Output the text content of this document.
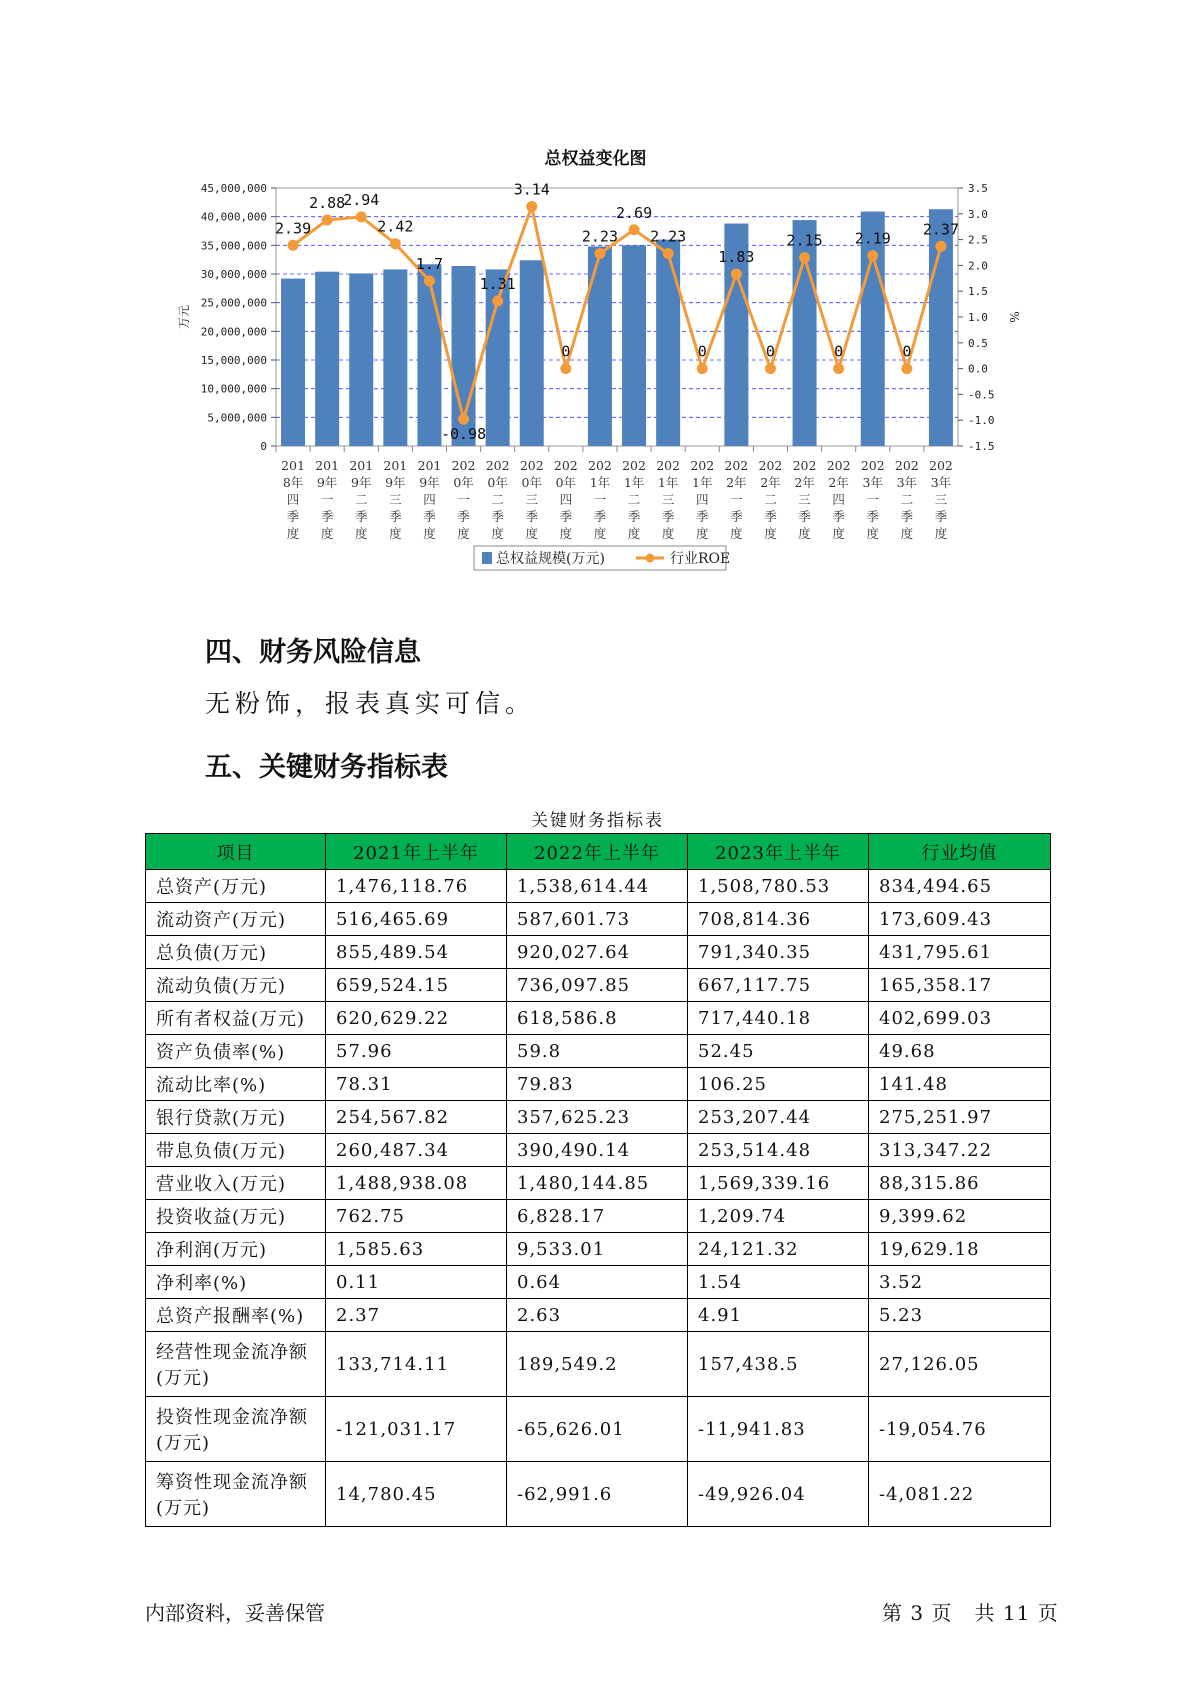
总权益变化图
0
5,000,000
10,000,000
15,000,000
20,000,000
25,000,000
30,000,000
35,000,000
40,000,000
45,000,000
-1.5
-1.0
-0.5
0.0
0.5
1.0
1.5
2.0
2.5
3.0
3.5
万元	%
201
8年
四
季
度
201
9年
一
季
度
201
9年
二
季
度
201
9年
三
季
度
201
9年
四
季
度
202
0年
一
季
度
202
0年
二
季
度
202
0年
三
季
度
202
0年
四
季
度
202
1年
一
季
度
202
1年
二
季
度
202
1年
三
季
度
202
1年
四
季
度
202
2年
一
季
度
202
2年
二
季
度
202
2年
三
季
度
202
2年
四
季
度
202
3年
一
季
度
202
3年
二
季
度
202
3年
三
季
度
2.39
2.88
2.94
2.42
1.7
-0.98
1.31
3.14
0
2.23
2.69
2.23
0
1.83
0
2.15
0
2.19
0
2.37
总权益规模(万元)	行业ROE
四、财务风险信息

无粉饰，报表真实可信。

五、关键财务指标表
关键财务指标表
项目	2021年上半年	2022年上半年	2023年上半年	行业均值
总资产(万元)	1,476,118.76	1,538,614.44	1,508,780.53	834,494.65
流动资产(万元)	516,465.69	587,601.73	708,814.36	173,609.43
总负债(万元)	855,489.54	920,027.64	791,340.35	431,795.61
流动负债(万元)	659,524.15	736,097.85	667,117.75	165,358.17
所有者权益(万元)	620,629.22	618,586.8	717,440.18	402,699.03
资产负债率(%)	57.96	59.8	52.45	49.68
流动比率(%)	78.31	79.83	106.25	141.48
银行贷款(万元)	254,567.82	357,625.23	253,207.44	275,251.97
带息负债(万元)	260,487.34	390,490.14	253,514.48	313,347.22
营业收入(万元)	1,488,938.08	1,480,144.85	1,569,339.16	88,315.86
投资收益(万元)	762.75	6,828.17	1,209.74	9,399.62
净利润(万元)	1,585.63	9,533.01	24,121.32	19,629.18
净利率(%)	0.11	0.64	1.54	3.52
总资产报酬率(%)	2.37	2.63	4.91	5.23
经营性现金流净额(万元)	133,714.11	189,549.2	157,438.5	27,126.05
投资性现金流净额(万元)	-121,031.17	-65,626.01	-11,941.83	-19,054.76
筹资性现金流净额(万元)	14,780.45	-62,991.6	-49,926.04	-4,081.22
内部资料，妥善保管	第 3 页   共 11 页
